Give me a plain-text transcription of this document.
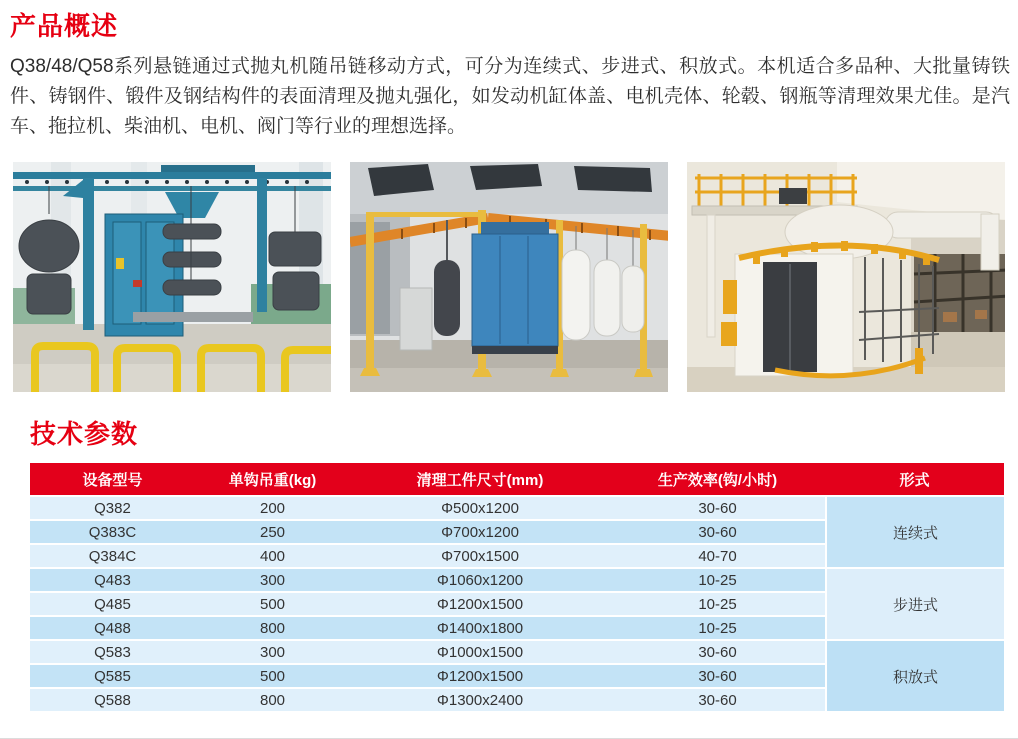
产品概述

Q38/48/Q58系列悬链通过式抛丸机随吊链移动方式，可分为连续式、步进式、积放式。本机适合多品种、大批量铸铁件、铸钢件、锻件及钢结构件的表面清理及抛丸强化，如发动机缸体盖、电机壳体、轮毂、钢瓶等清理效果尤佳。是汽车、拖拉机、柴油机、电机、阀门等行业的理想选择。

技术参数
设备型号	单钩吊重(kg)	清理工件尺寸(mm)	生产效率(钩/小时)	形式
Q382	200	Φ500x1200	30-60	连续式
Q383C	250	Φ700x1200	30-60	
Q384C	400	Φ700x1500	40-70	
Q483	300	Φ1060x1200	10-25	步进式
Q485	500	Φ1200x1500	10-25	
Q488	800	Φ1400x1800	10-25	
Q583	300	Φ1000x1500	30-60	积放式
Q585	500	Φ1200x1500	30-60	
Q588	800	Φ1300x2400	30-60	
